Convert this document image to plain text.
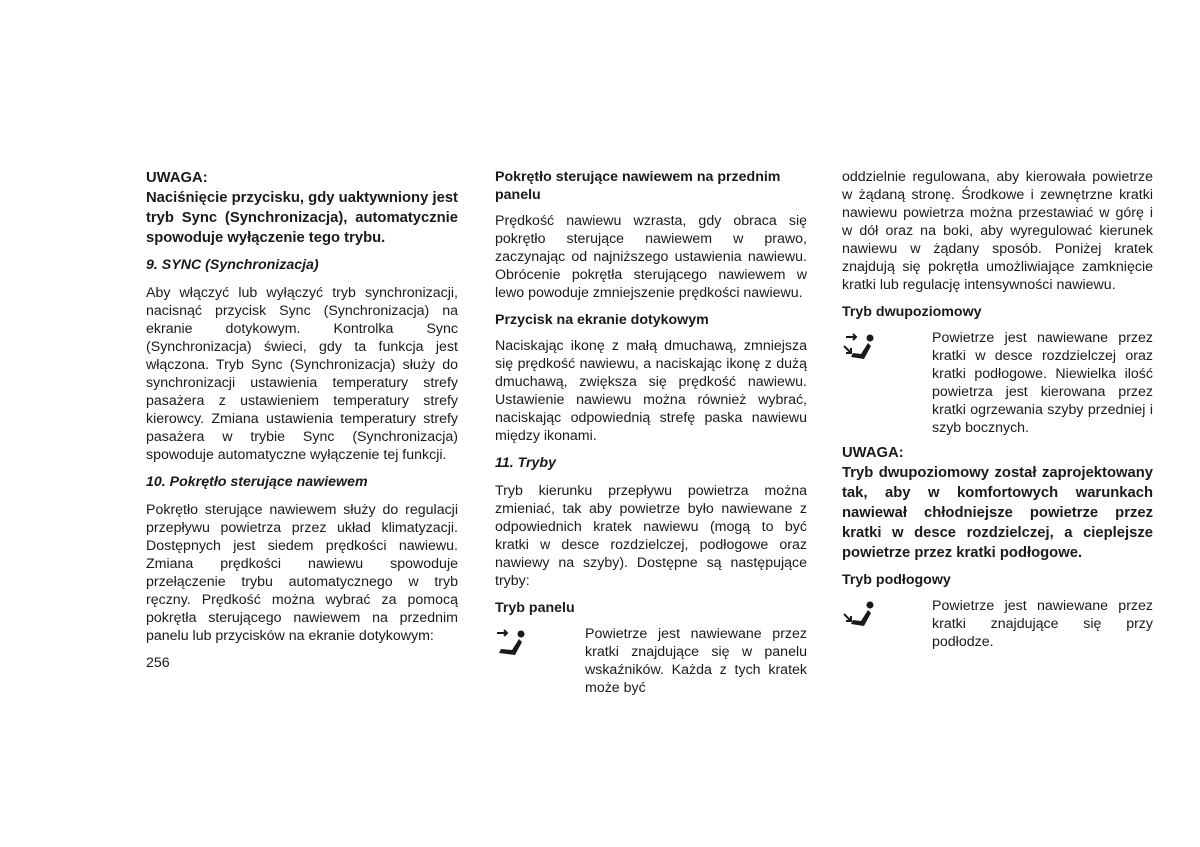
UWAGA:

Naciśnięcie przycisku, gdy uaktywniony jest tryb Sync (Synchronizacja), automatycznie spowoduje wyłączenie tego trybu.

9. SYNC (Synchronizacja)

Aby włączyć lub wyłączyć tryb synchronizacji, nacisnąć przycisk Sync (Synchronizacja) na ekranie dotykowym. Kontrolka Sync (Synchronizacja) świeci, gdy ta funkcja jest włączona. Tryb Sync (Synchronizacja) służy do synchronizacji ustawienia temperatury strefy pasażera z ustawieniem temperatury strefy kierowcy. Zmiana ustawienia temperatury strefy pasażera w trybie Sync (Synchronizacja) spowoduje automatyczne wyłączenie tej funkcji.

10. Pokrętło sterujące nawiewem

Pokrętło sterujące nawiewem służy do regulacji przepływu powietrza przez układ klimatyzacji. Dostępnych jest siedem prędkości nawiewu. Zmiana prędkości nawiewu spowoduje przełączenie trybu automatycznego w tryb ręczny. Prędkość można wybrać za pomocą pokrętła sterującego nawiewem na przednim panelu lub przycisków na ekranie dotykowym:

Pokrętło sterujące nawiewem na przednim panelu

Prędkość nawiewu wzrasta, gdy obraca się pokrętło sterujące nawiewem w prawo, zaczynając od najniższego ustawienia nawiewu. Obrócenie pokrętła sterującego nawiewem w lewo powoduje zmniejszenie prędkości nawiewu.

Przycisk na ekranie dotykowym

Naciskając ikonę z małą dmuchawą, zmniejsza się prędkość nawiewu, a naciskając ikonę z dużą dmuchawą, zwiększa się prędkość nawiewu. Ustawienie nawiewu można również wybrać, naciskając odpowiednią strefę paska nawiewu między ikonami.

11. Tryby

Tryb kierunku przepływu powietrza można zmieniać, tak aby powietrze było nawiewane z odpowiednich kratek nawiewu (mogą to być kratki w desce rozdzielczej, podłogowe oraz nawiewy na szyby). Dostępne są następujące tryby:

Tryb panelu

Powietrze jest nawiewane przez kratki znajdujące się w panelu wskaźników. Każda z tych kratek może być

oddzielnie regulowana, aby kierowała powietrze w żądaną stronę. Środkowe i zewnętrzne kratki nawiewu powietrza można przestawiać w górę i w dół oraz na boki, aby wyregulować kierunek nawiewu w żądany sposób. Poniżej kratek znajdują się pokrętła umożliwiające zamknięcie kratki lub regulację intensywności nawiewu.

Tryb dwupoziomowy

Powietrze jest nawiewane przez kratki w desce rozdzielczej oraz kratki podłogowe. Niewielka ilość powietrza jest kierowana przez kratki ogrzewania szyby przedniej i szyb bocznych.

UWAGA:

Tryb dwupoziomowy został zaprojektowany tak, aby w komfortowych warunkach nawiewał chłodniejsze powietrze przez kratki w desce rozdzielczej, a cieplejsze powietrze przez kratki podłogowe.

Tryb podłogowy

Powietrze jest nawiewane przez kratki znajdujące się przy podłodze.

256
